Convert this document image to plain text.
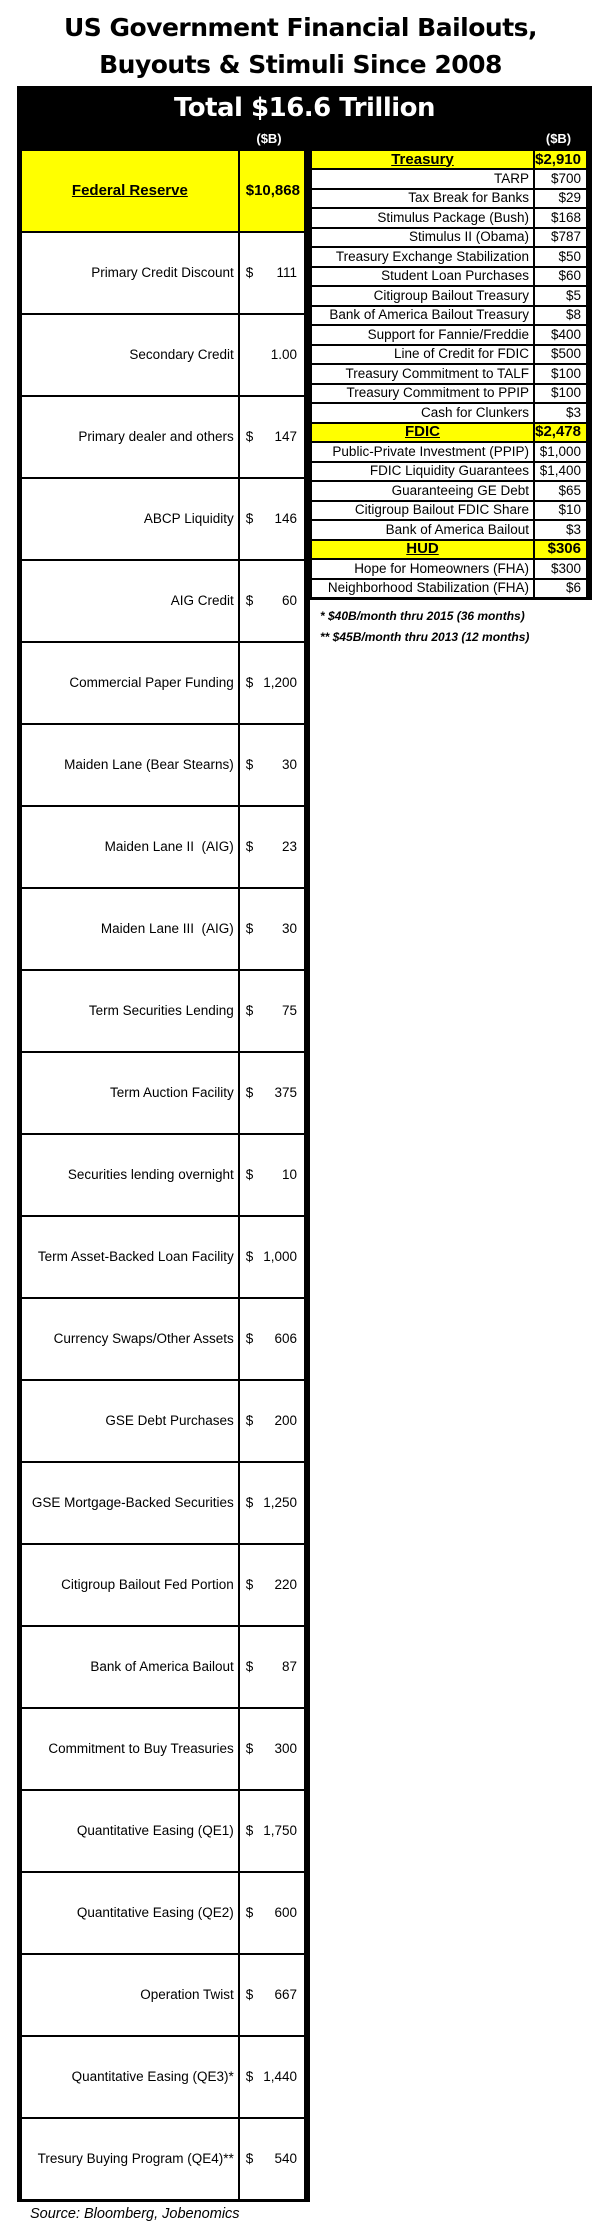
US Government Financial Bailouts,
Buyouts & Stimuli Since 2008
Total $16.6 Trillion
($B)	($B)
Federal Reserve	$ 10,868

Primary Credit Discount	$ 111

Secondary Credit	1.00

Primary dealer and others	$ 147

ABCP Liquidity	$ 146

AIG Credit	$ 60

Commercial Paper Funding	$ 1,200

Maiden Lane (Bear Stearns)	$ 30

Maiden Lane II  (AIG)	$ 23

Maiden Lane III  (AIG)	$ 30

Term Securities Lending	$ 75

Term Auction Facility	$ 375

Securities lending overnight	$ 10

Term Asset-Backed Loan Facility	$ 1,000

Currency Swaps/Other Assets	$ 606

GSE Debt Purchases	$ 200

GSE Mortgage-Backed Securities	$ 1,250

Citigroup Bailout Fed Portion	$ 220

Bank of America Bailout	$ 87

Commitment to Buy Treasuries	$ 300

Quantitative Easing (QE1)	$ 1,750

Quantitative Easing (QE2)	$ 600

Operation Twist	$ 667

Quantitative Easing (QE3)*	$ 1,440

Tresury Buying Program (QE4)**	$ 540

Treasury	$2,910
TARP	$700
Tax Break for Banks	$29
Stimulus Package (Bush)	$168
Stimulus II (Obama)	$787
Treasury Exchange Stabilization	$50
Student Loan Purchases	$60
Citigroup Bailout Treasury	$5
Bank of America Bailout Treasury	$8
Support for Fannie/Freddie	$400
Line of Credit for FDIC	$500
Treasury Commitment to TALF	$100
Treasury Commitment to PPIP	$100
Cash for Clunkers	$3
FDIC	$2,478
Public-Private Investment (PPIP)	$1,000
FDIC Liquidity Guarantees	$1,400
Guaranteeing GE Debt	$65
Citigroup Bailout FDIC Share	$10
Bank of America Bailout	$3
HUD	$306
Hope for Homeowners (FHA)	$300
Neighborhood Stabilization (FHA)	$6
* $40B/month thru 2015 (36 months)
** $45B/month thru 2013 (12 months)
Source: Bloomberg, Jobenomics
